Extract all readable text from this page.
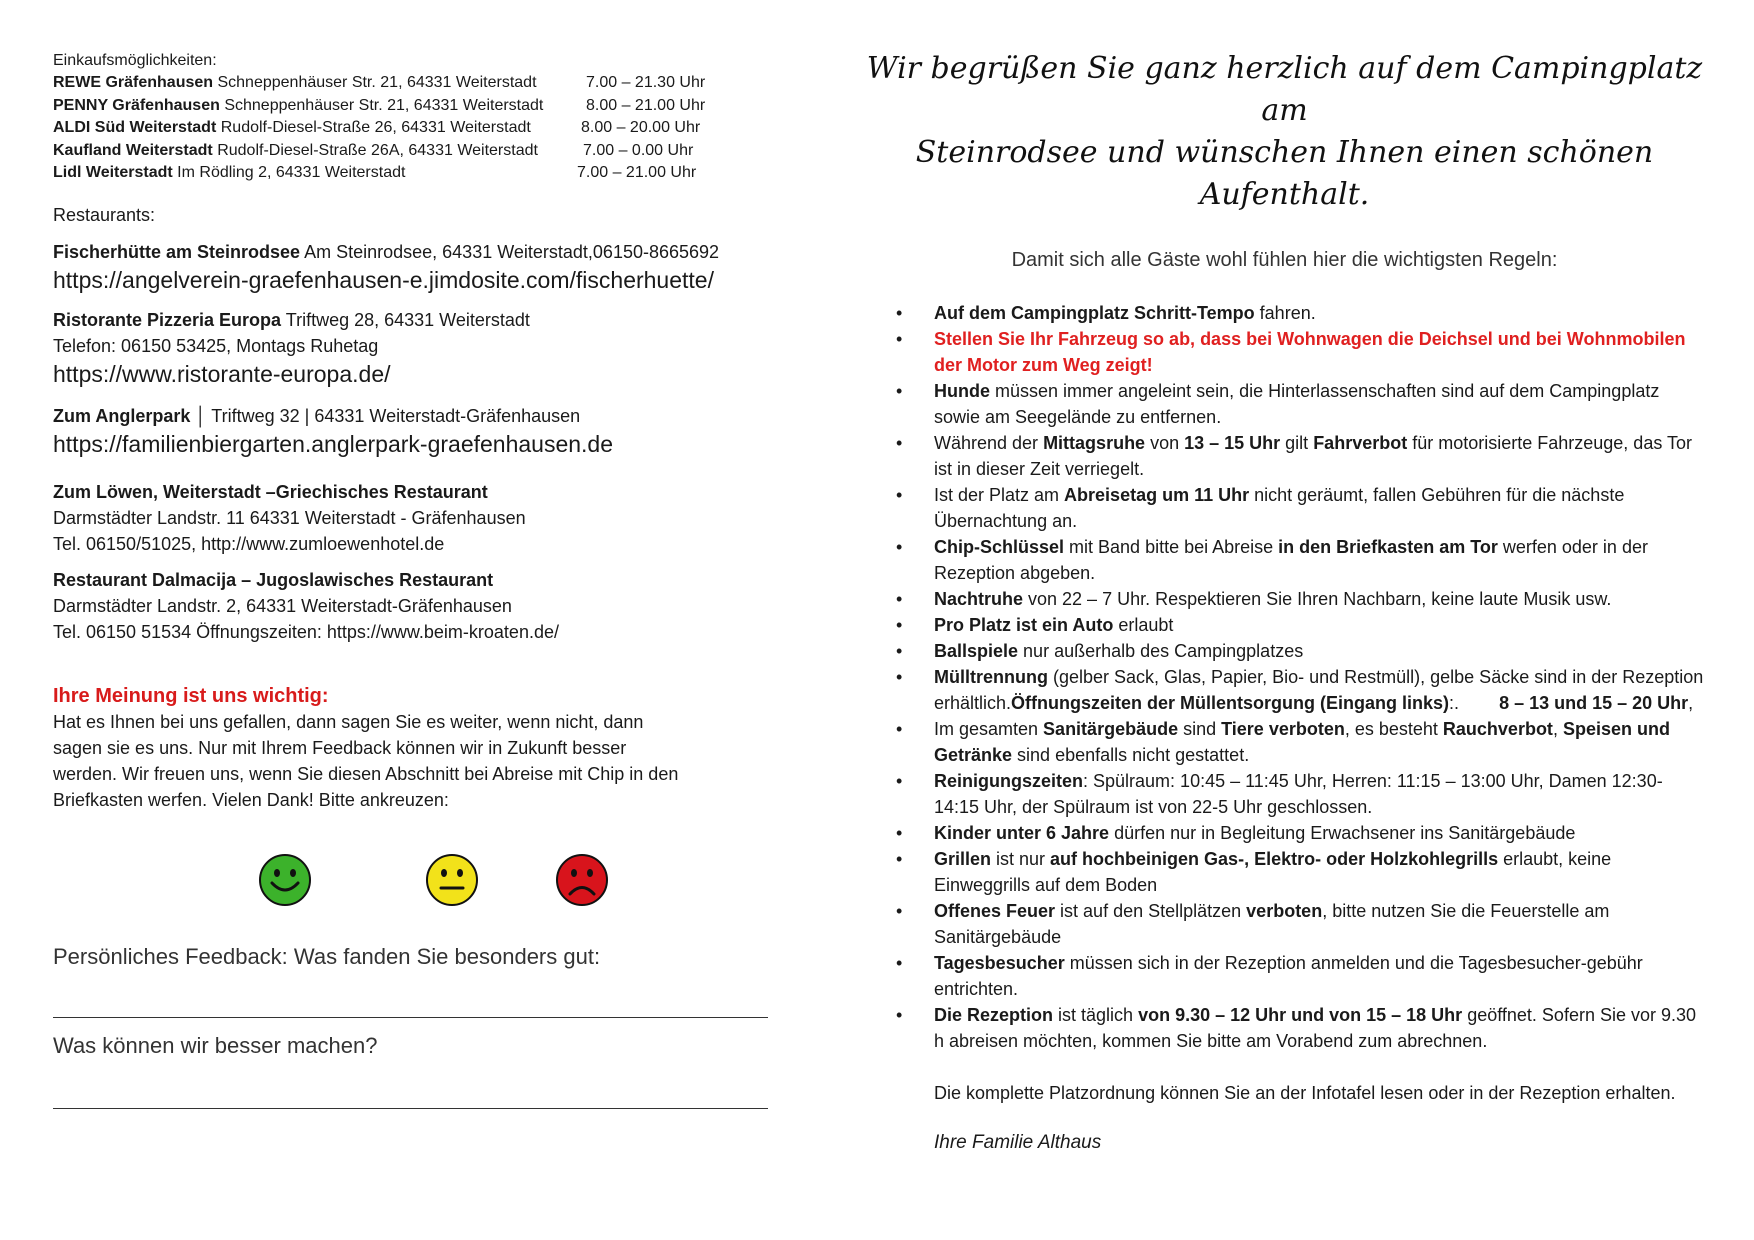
Einkaufsmöglichkeiten:
REWE Gräfenhausen Schneppenhäuser Str. 21, 64331 Weiterstadt	7.00 – 21.30 Uhr
PENNY Gräfenhausen Schneppenhäuser Str. 21, 64331 Weiterstadt	8.00 – 21.00 Uhr
ALDI Süd Weiterstadt Rudolf-Diesel-Straße 26, 64331 Weiterstadt	8.00 – 20.00 Uhr
Kaufland Weiterstadt Rudolf-Diesel-Straße 26A, 64331 Weiterstadt	7.00 – 0.00 Uhr
Lidl Weiterstadt Im Rödling 2, 64331 Weiterstadt	7.00 – 21.00 Uhr
Restaurants:
Fischerhütte am Steinrodsee Am Steinrodsee, 64331 Weiterstadt,06150-8665692
https://angelverein-graefenhausen-e.jimdosite.com/fischerhuette/
Ristorante Pizzeria Europa Triftweg 28, 64331 Weiterstadt
Telefon: 06150 53425, Montags Ruhetag
https://www.ristorante-europa.de/
Zum Anglerpark │ Triftweg 32 | 64331 Weiterstadt-Gräfenhausen
https://familienbiergarten.anglerpark-graefenhausen.de
Zum Löwen, Weiterstadt –Griechisches Restaurant
Darmstädter Landstr. 11 64331 Weiterstadt - Gräfenhausen
Tel. 06150/51025, http://www.zumloewenhotel.de
Restaurant Dalmacija – Jugoslawisches Restaurant
Darmstädter Landstr. 2, 64331 Weiterstadt-Gräfenhausen
Tel. 06150 51534 Öffnungszeiten: https://www.beim-kroaten.de/
Ihre Meinung ist uns wichtig:
Hat es Ihnen bei uns gefallen, dann sagen Sie es weiter, wenn nicht, dann
sagen sie es uns. Nur mit Ihrem Feedback können wir in Zukunft besser
werden. Wir freuen uns, wenn Sie diesen Abschnitt bei Abreise mit Chip in den
Briefkasten werfen. Vielen Dank! Bitte ankreuzen:
Persönliches Feedback: Was fanden Sie besonders gut:
Was können wir besser machen?
Wir begrüßen Sie ganz herzlich auf dem Campingplatz am
Steinrodsee und wünschen Ihnen einen schönen Aufenthalt.
Damit sich alle Gäste wohl fühlen hier die wichtigsten Regeln:
• Auf dem Campingplatz Schritt-Tempo fahren.
• Stellen Sie Ihr Fahrzeug so ab, dass bei Wohnwagen die Deichsel und bei Wohnmobilen der Motor zum Weg zeigt!
• Hunde müssen immer angeleint sein, die Hinterlassenschaften sind auf dem Campingplatz sowie am Seegelände zu entfernen.
• Während der Mittagsruhe von 13 – 15 Uhr gilt Fahrverbot für motorisierte Fahrzeuge, das Tor ist in dieser Zeit verriegelt.
• Ist der Platz am Abreisetag um 11 Uhr nicht geräumt, fallen Gebühren für die nächste Übernachtung an.
• Chip-Schlüssel mit Band bitte bei Abreise in den Briefkasten am Tor werfen oder in der Rezeption abgeben.
• Nachtruhe von 22 – 7 Uhr. Respektieren Sie Ihren Nachbarn, keine laute Musik usw.
• Pro Platz ist ein Auto erlaubt
• Ballspiele nur außerhalb des Campingplatzes
• Mülltrennung (gelber Sack, Glas, Papier, Bio- und Restmüll), gelbe Säcke sind in der Rezeption erhältlich.Öffnungszeiten der Müllentsorgung (Eingang links):.        8 – 13 und 15 – 20 Uhr,
• Im gesamten Sanitärgebäude sind Tiere verboten, es besteht Rauchverbot, Speisen und Getränke sind ebenfalls nicht gestattet.
• Reinigungszeiten: Spülraum: 10:45 – 11:45 Uhr, Herren: 11:15 – 13:00 Uhr, Damen 12:30-14:15 Uhr, der Spülraum ist von 22-5 Uhr geschlossen.
• Kinder unter 6 Jahre dürfen nur in Begleitung Erwachsener ins Sanitärgebäude
• Grillen ist nur auf hochbeinigen Gas-, Elektro- oder Holzkohlegrills erlaubt, keine Einweggrills auf dem Boden
• Offenes Feuer ist auf den Stellplätzen verboten, bitte nutzen Sie die Feuerstelle am Sanitärgebäude
• Tagesbesucher müssen sich in der Rezeption anmelden und die Tagesbesucher-gebühr entrichten.
• Die Rezeption ist täglich von 9.30 – 12 Uhr und von 15 – 18 Uhr geöffnet. Sofern Sie vor 9.30 h abreisen möchten, kommen Sie bitte am Vorabend zum abrechnen.
Die komplette Platzordnung können Sie an der Infotafel lesen oder in der Rezeption erhalten.
Ihre Familie Althaus
